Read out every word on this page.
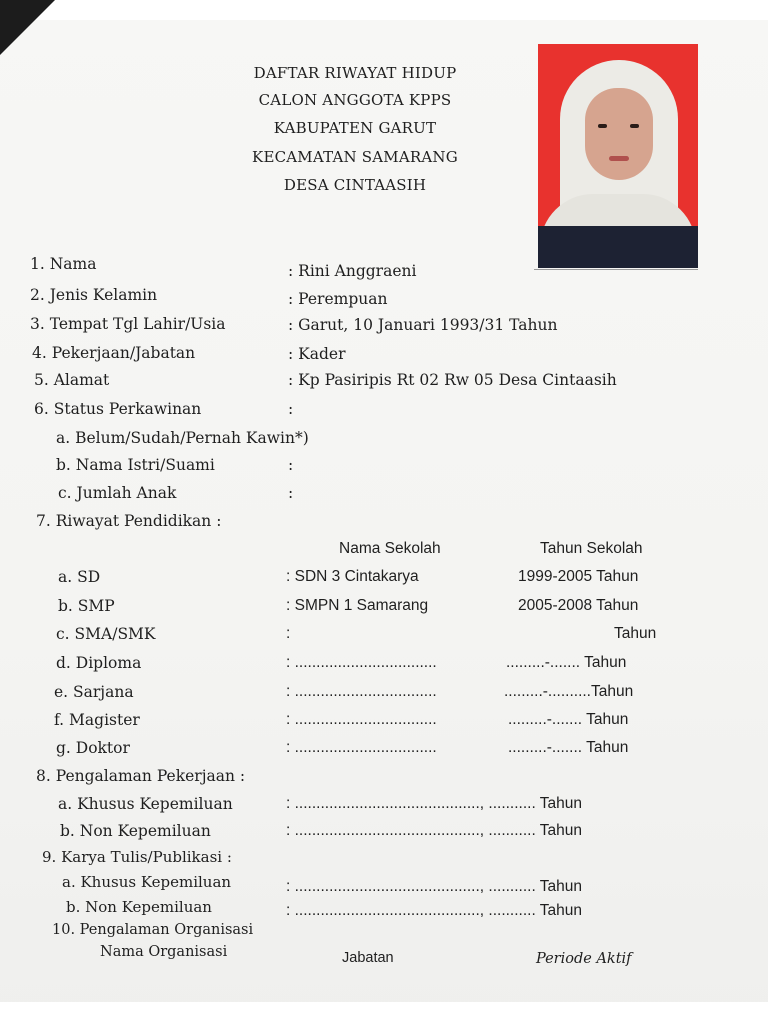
DAFTAR RIWAYAT HIDUP
CALON ANGGOTA KPPS
KABUPATEN GARUT
KECAMATAN SAMARANG
DESA CINTAASIH
1. Nama	: Rini Anggraeni
2. Jenis Kelamin	: Perempuan
3. Tempat Tgl Lahir/Usia	: Garut, 10 Januari 1993/31 Tahun
4. Pekerjaan/Jabatan	: Kader
5. Alamat	: Kp Pasiripis Rt 02 Rw 05 Desa Cintaasih
6. Status Perkawinan	:
a. Belum/Sudah/Pernah Kawin*)
b. Nama Istri/Suami	:
c. Jumlah Anak	:
7. Riwayat Pendidikan :
Nama Sekolah	Tahun Sekolah
a. SD	: SDN 3 Cintakarya	1999-2005 Tahun
b. SMP	: SMPN 1 Samarang	2005-2008 Tahun
c. SMA/SMK	:	Tahun
d. Diploma	: .................................	.........-....... Tahun
e. Sarjana	: .................................	.........-..........Tahun
f. Magister	: .................................	.........-....... Tahun
g. Doktor	: .................................	.........-....... Tahun
8. Pengalaman Pekerjaan :
a. Khusus Kepemiluan	: ..........................................., ........... Tahun
b. Non Kepemiluan	: ..........................................., ........... Tahun
9. Karya Tulis/Publikasi :
a. Khusus Kepemiluan	: ..........................................., ........... Tahun
b. Non Kepemiluan	: ..........................................., ........... Tahun
10. Pengalaman Organisasi
Nama Organisasi	Jabatan	Periode Aktif
